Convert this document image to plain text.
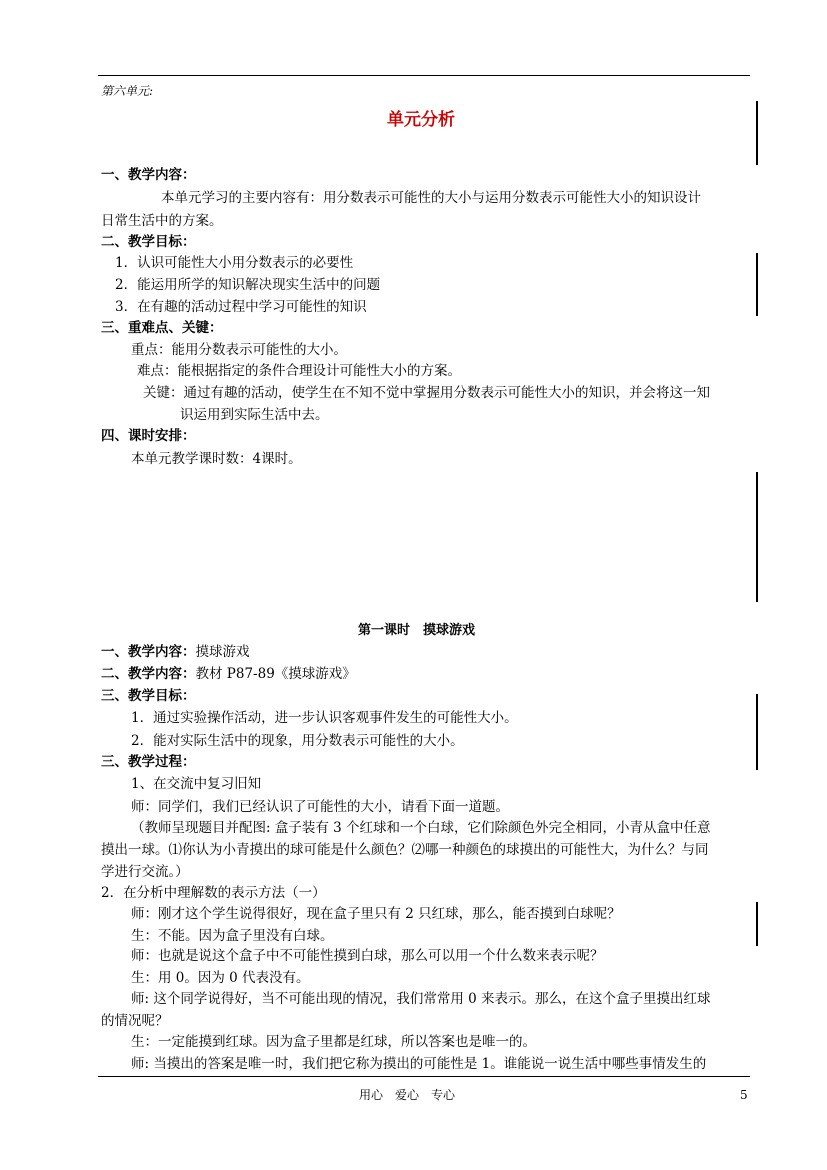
第六单元:
单元分析
一、教学内容：
本单元学习的主要内容有：用分数表示可能性的大小与运用分数表示可能性大小的知识设计
日常生活中的方案。
二、教学目标：
1．认识可能性大小用分数表示的必要性
2．能运用所学的知识解决现实生活中的问题
3．在有趣的活动过程中学习可能性的知识
三、重难点、关键：
重点：能用分数表示可能性的大小。
难点：能根据指定的条件合理设计可能性大小的方案。
关键：通过有趣的活动，使学生在不知不觉中掌握用分数表示可能性大小的知识，并会将这一知
识运用到实际生活中去。
四、课时安排：
本单元教学课时数：4课时。
第一课时　摸球游戏
一、教学内容：摸球游戏
二、教学内容：教材 P87-89《摸球游戏》
三、教学目标：
1．通过实验操作活动，进一步认识客观事件发生的可能性大小。
2．能对实际生活中的现象，用分数表示可能性的大小。
三、教学过程：
1、在交流中复习旧知
师：同学们，我们已经认识了可能性的大小，请看下面一道题。
（教师呈现题目并配图: 盒子装有 3 个红球和一个白球，它们除颜色外完全相同，小青从盒中任意
摸出一球。⑴你认为小青摸出的球可能是什么颜色？⑵哪一种颜色的球摸出的可能性大，为什么？与同
学进行交流。）
2．在分析中理解数的表示方法（一）
师：刚才这个学生说得很好，现在盒子里只有 2 只红球，那么，能否摸到白球呢？
生：不能。因为盒子里没有白球。
师：也就是说这个盒子中不可能性摸到白球，那么可以用一个什么数来表示呢？
生：用 0。因为 0 代表没有。
师: 这个同学说得好，当不可能出现的情况，我们常常用 0 来表示。那么，在这个盒子里摸出红球
的情况呢？
生：一定能摸到红球。因为盒子里都是红球，所以答案也是唯一的。
师: 当摸出的答案是唯一时，我们把它称为摸出的可能性是 1。谁能说一说生活中哪些事情发生的
用心　爱心　专心	5
